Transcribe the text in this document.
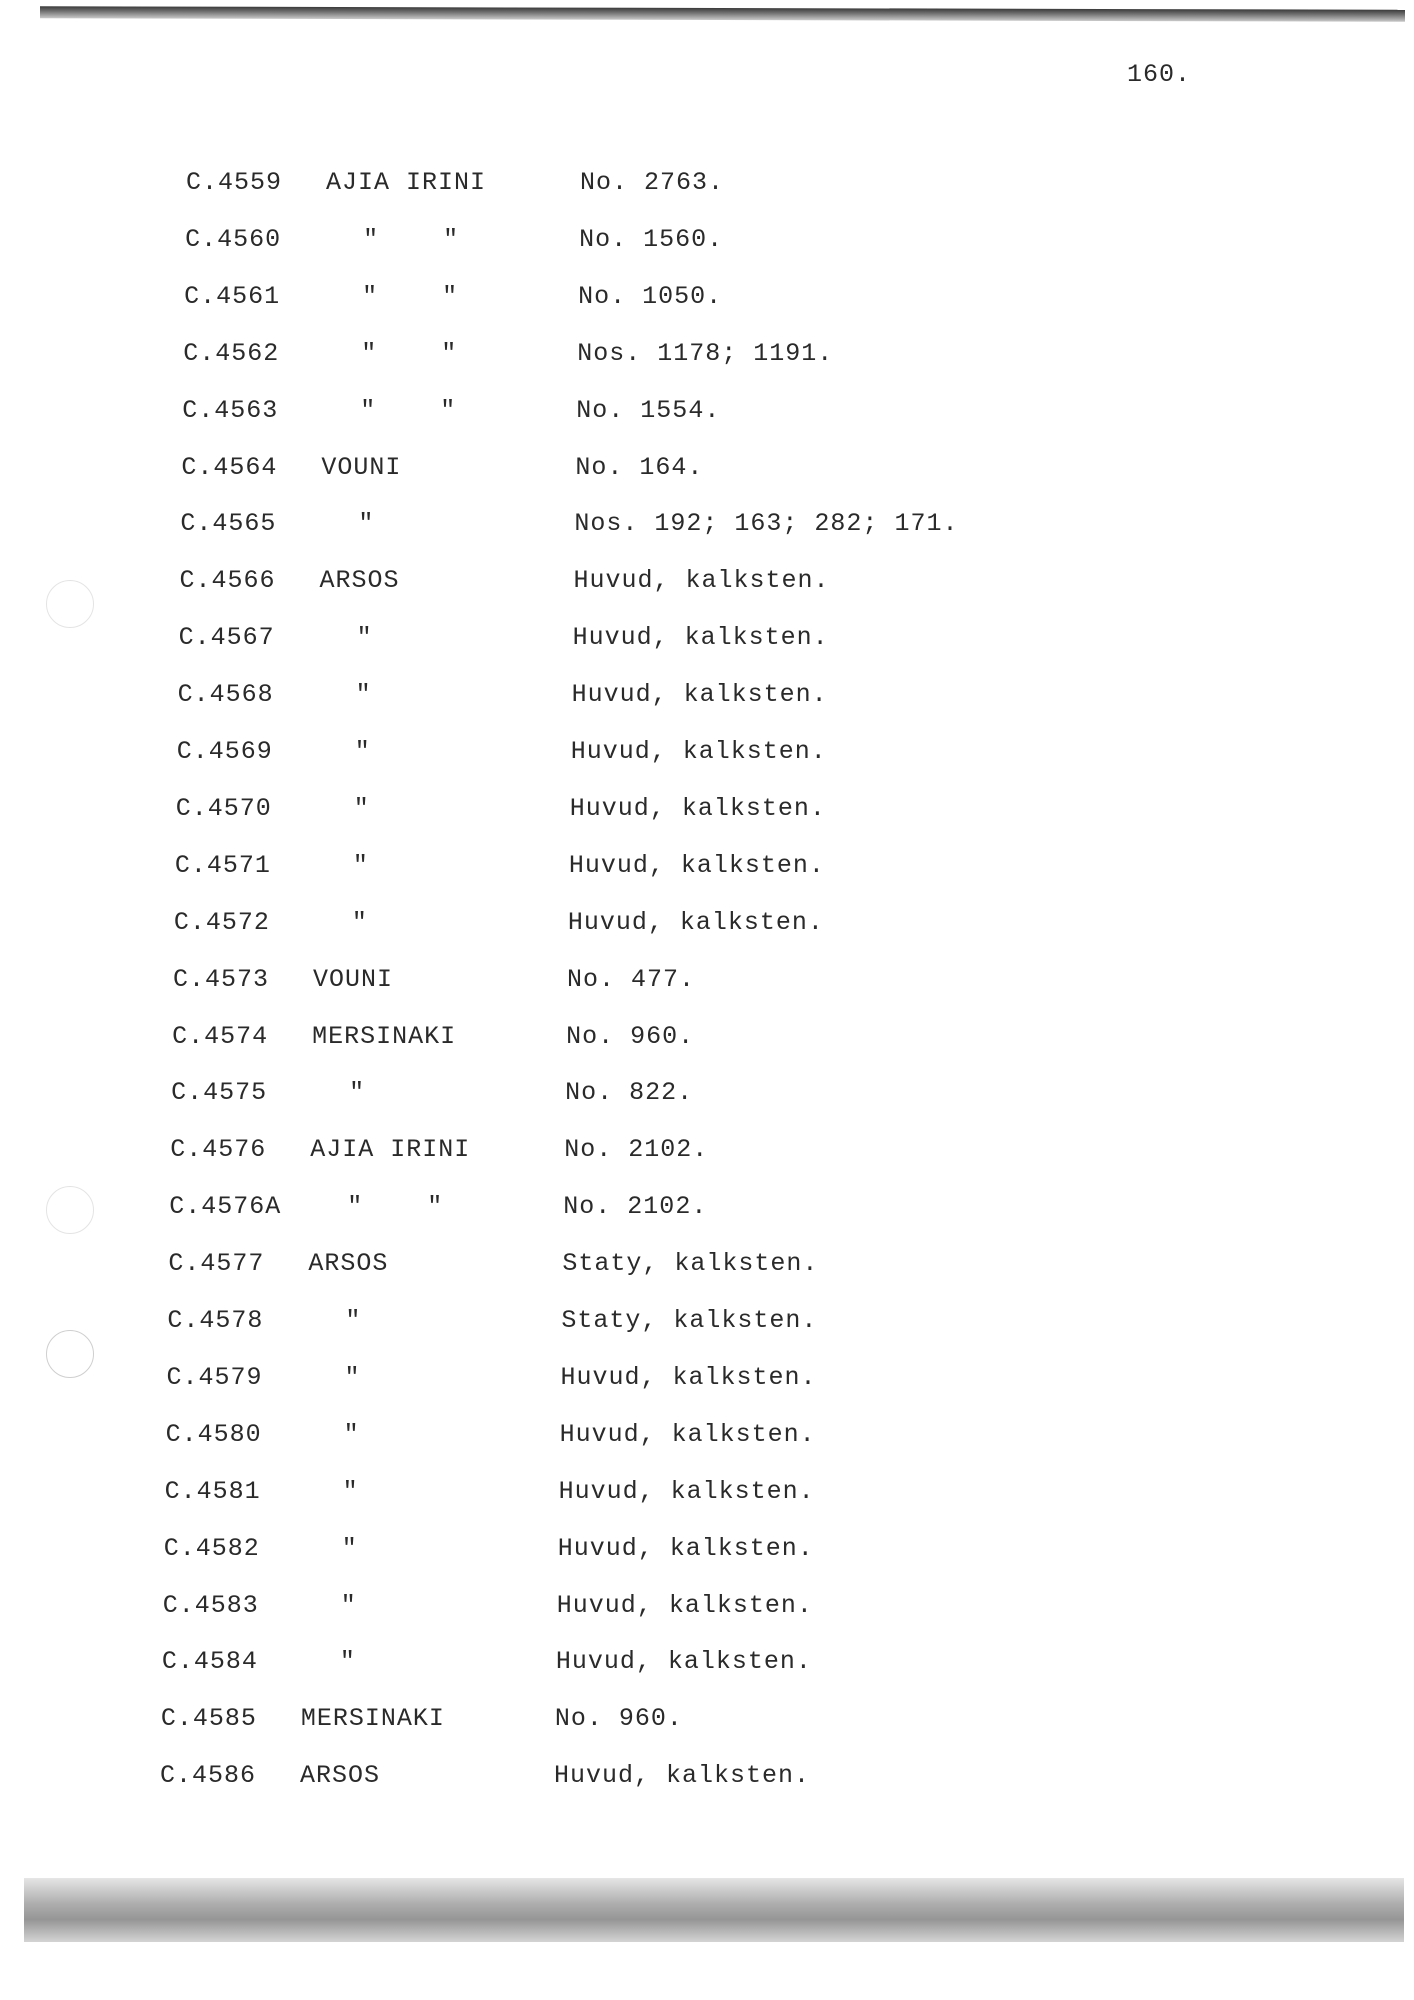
160.
C.4559 AJIA IRINI	No. 2763.
C.4560	"	"	No. 1560.
C.4561	"	"	No. 1050.
C.4562	"	"	Nos. 1178; 1191.
C.4563	"	"	No. 1554.
C.4564 VOUNI	No. 164.
C.4565	"	Nos. 192; 163; 282; 171.
C.4566 ARSOS	Huvud, kalksten.
C.4567	"	Huvud, kalksten.
C.4568	"	Huvud, kalksten.
C.4569	"	Huvud, kalksten.
C.4570	"	Huvud, kalksten.
C.4571	"	Huvud, kalksten.
C.4572	"	Huvud, kalksten.
C.4573 VOUNI	No. 477.
C.4574 MERSINAKI	No. 960.
C.4575	"	No. 822.
C.4576 AJIA IRINI	No. 2102.
C.4576A	"	"	No. 2102.
C.4577 ARSOS	Staty, kalksten.
C.4578	"	Staty, kalksten.
C.4579	"	Huvud, kalksten.
C.4580	"	Huvud, kalksten.
C.4581	"	Huvud, kalksten.
C.4582	"	Huvud, kalksten.
C.4583	"	Huvud, kalksten.
C.4584	"	Huvud, kalksten.
C.4585 MERSINAKI	No. 960.
C.4586 ARSOS	Huvud, kalksten.
